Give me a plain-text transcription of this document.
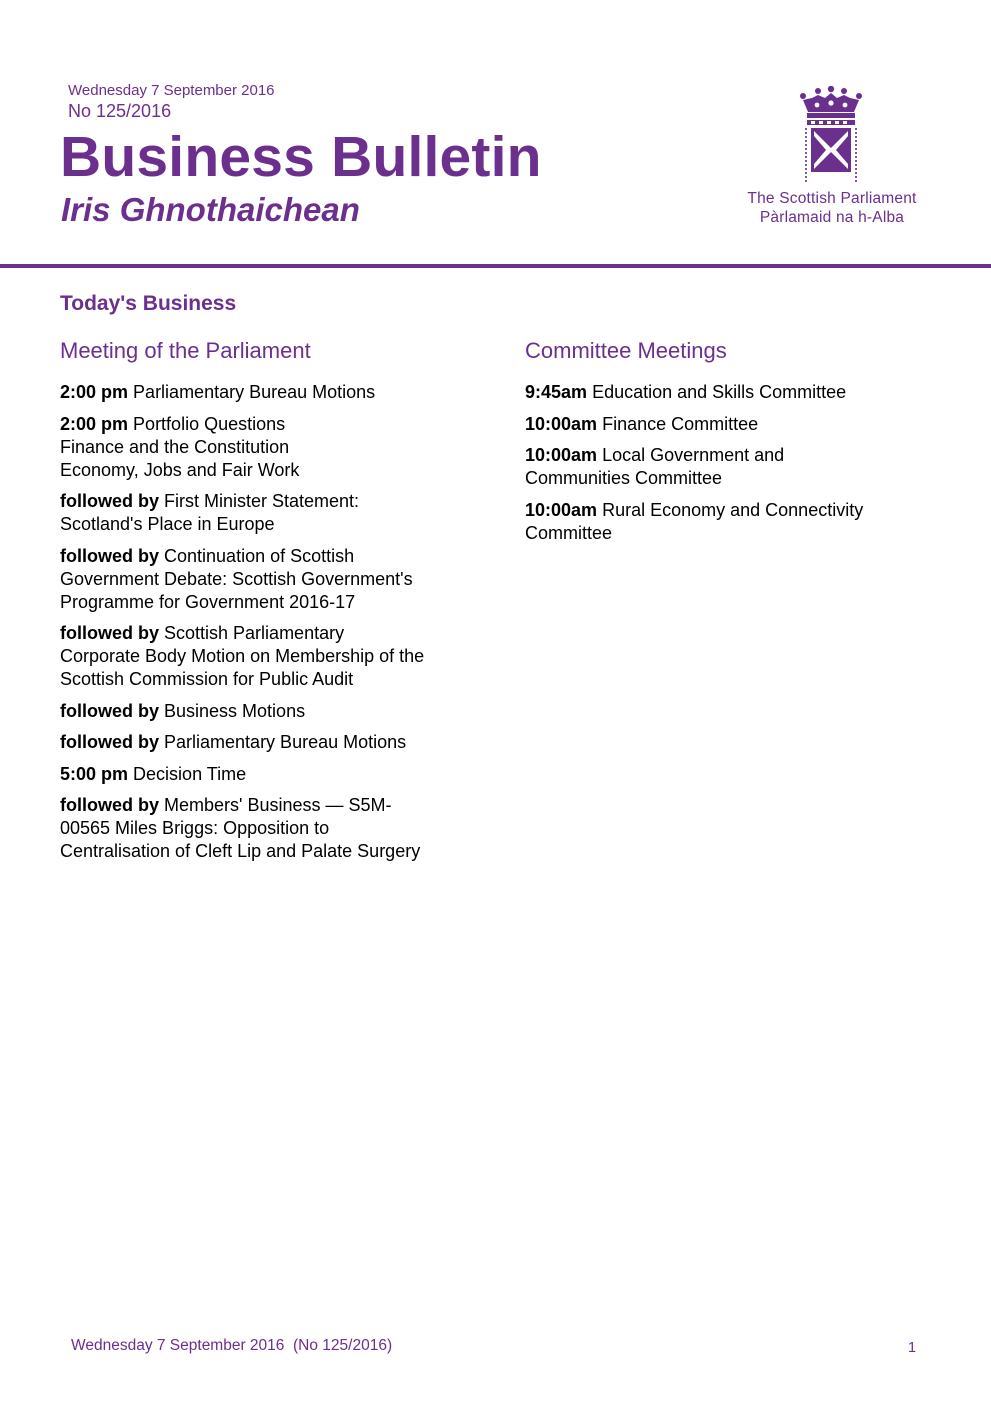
Wednesday 7 September 2016
No 125/2016
Business Bulletin
Iris Ghnothaichean	The Scottish Parliament
Pàrlamaid na h-Alba
Today's Business
Meeting of the Parliament	Committee Meetings
2:00 pm Parliamentary Bureau Motions
2:00 pm Portfolio Questions
Finance and the Constitution
Economy, Jobs and Fair Work
followed by First Minister Statement:
Scotland's Place in Europe
followed by Continuation of Scottish
Government Debate: Scottish Government's
Programme for Government 2016-17
followed by Scottish Parliamentary
Corporate Body Motion on Membership of the
Scottish Commission for Public Audit
followed by Business Motions
followed by Parliamentary Bureau Motions
5:00 pm Decision Time
followed by Members' Business — S5M-
00565 Miles Briggs: Opposition to
Centralisation of Cleft Lip and Palate Surgery
9:45am Education and Skills Committee
10:00am Finance Committee
10:00am Local Government and
Communities Committee
10:00am Rural Economy and Connectivity
Committee
Wednesday 7 September 2016  (No 125/2016)	1
